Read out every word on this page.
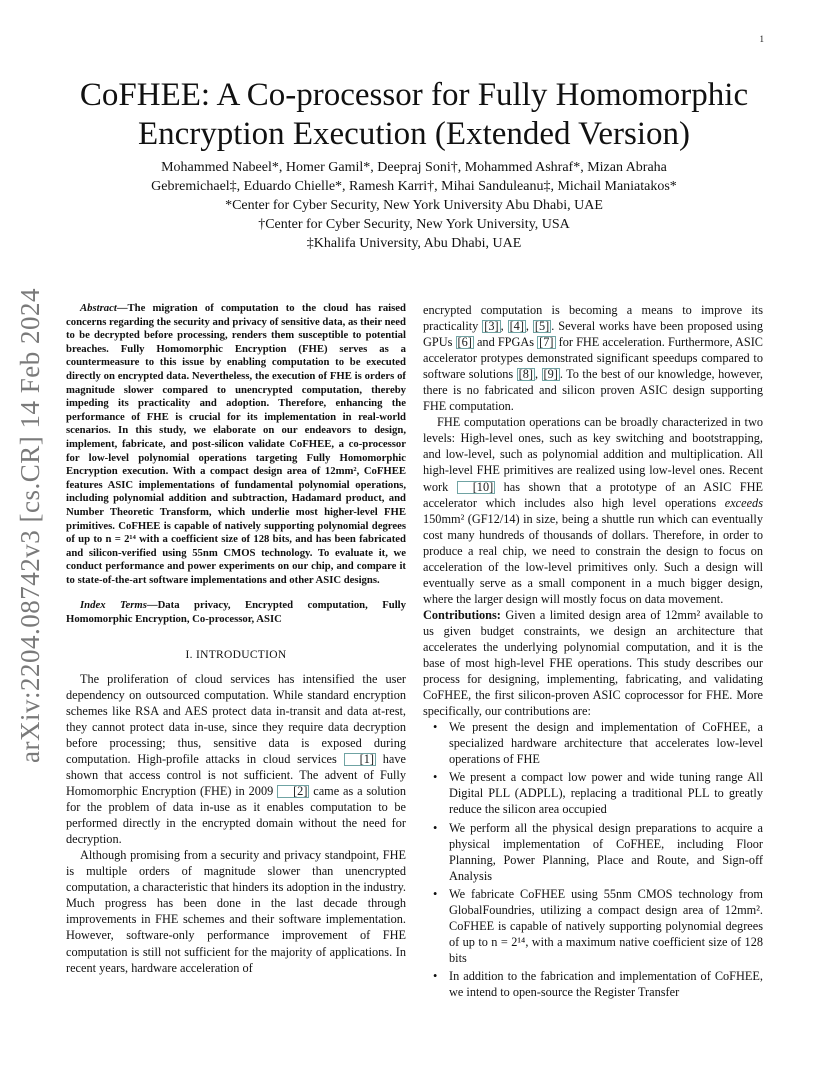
1
arXiv:2204.08742v3 [cs.CR] 14 Feb 2024
CoFHEE: A Co-processor for Fully Homomorphic Encryption Execution (Extended Version)
Mohammed Nabeel*, Homer Gamil*, Deepraj Soni†, Mohammed Ashraf*, Mizan Abraha
Gebremichael‡, Eduardo Chielle*, Ramesh Karri†, Mihai Sanduleanu‡, Michail Maniatakos*
*Center for Cyber Security, New York University Abu Dhabi, UAE
†Center for Cyber Security, New York University, USA
‡Khalifa University, Abu Dhabi, UAE

Abstract—The migration of computation to the cloud has raised concerns regarding the security and privacy of sensitive data, as their need to be decrypted before processing, renders them susceptible to potential breaches. Fully Homomorphic Encryption (FHE) serves as a countermeasure to this issue by enabling computation to be executed directly on encrypted data. Nevertheless, the execution of FHE is orders of magnitude slower compared to unencrypted computation, thereby impeding its practicality and adoption. Therefore, enhancing the performance of FHE is crucial for its implementation in real-world scenarios. In this study, we elaborate on our endeavors to design, implement, fabricate, and post-silicon validate CoFHEE, a co-processor for low-level polynomial operations targeting Fully Homomorphic Encryption execution. With a compact design area of 12mm², CoFHEE features ASIC implementations of fundamental polynomial operations, including polynomial addition and subtraction, Hadamard product, and Number Theoretic Transform, which underlie most higher-level FHE primitives. CoFHEE is capable of natively supporting polynomial degrees of up to n = 2¹⁴ with a coefficient size of 128 bits, and has been fabricated and silicon-verified using 55nm CMOS technology. To evaluate it, we conduct performance and power experiments on our chip, and compare it to state-of-the-art software implementations and other ASIC designs.

Index Terms—Data privacy, Encrypted computation, Fully Homomorphic Encryption, Co-processor, ASIC

I. INTRODUCTION

The proliferation of cloud services has intensified the user dependency on outsourced computation. While standard encryption schemes like RSA and AES protect data in-transit and data at-rest, they cannot protect data in-use, since they require data decryption before processing; thus, sensitive data is exposed during computation. High-profile attacks in cloud services [1] have shown that access control is not sufficient. The advent of Fully Homomorphic Encryption (FHE) in 2009 [2] came as a solution for the problem of data in-use as it enables computation to be performed directly in the encrypted domain without the need for decryption.

Although promising from a security and privacy standpoint, FHE is multiple orders of magnitude slower than unencrypted computation, a characteristic that hinders its adoption in the industry. Much progress has been done in the last decade through improvements in FHE schemes and their software implementation. However, software-only performance improvement of FHE computation is still not sufficient for the majority of applications. In recent years, hardware acceleration of

encrypted computation is becoming a means to improve its practicality [3] , [4] , [5] . Several works have been proposed using GPUs [6] and FPGAs [7] for FHE acceleration. Furthermore, ASIC accelerator protypes demonstrated significant speedups compared to software solutions [8] , [9] . To the best of our knowledge, however, there is no fabricated and silicon proven ASIC design supporting FHE computation.

FHE computation operations can be broadly characterized in two levels: High-level ones, such as key switching and bootstrapping, and low-level, such as polynomial addition and multiplication. All high-level FHE primitives are realized using low-level ones. Recent work [10] has shown that a prototype of an ASIC FHE accelerator which includes also high level operations exceeds 150mm² (GF12/14) in size, being a shuttle run which can eventually cost many hundreds of thousands of dollars. Therefore, in order to produce a real chip, we need to constrain the design to focus on acceleration of the low-level primitives only. Such a design will eventually serve as a small component in a much bigger design, where the larger design will mostly focus on data movement.

Contributions: Given a limited design area of 12mm² available to us given budget constraints, we design an architecture that accelerates the underlying polynomial computation, and it is the base of most high-level FHE operations. This study describes our process for designing, implementing, fabricating, and validating CoFHEE, the first silicon-proven ASIC coprocessor for FHE. More specifically, our contributions are:

• We present the design and implementation of CoFHEE, a specialized hardware architecture that accelerates low-level operations of FHE
• We present a compact low power and wide tuning range All Digital PLL (ADPLL), replacing a traditional PLL to greatly reduce the silicon area occupied
• We perform all the physical design preparations to acquire a physical implementation of CoFHEE, including Floor Planning, Power Planning, Place and Route, and Sign-off Analysis
• We fabricate CoFHEE using 55nm CMOS technology from GlobalFoundries, utilizing a compact design area of 12mm². CoFHEE is capable of natively supporting polynomial degrees of up to n = 2¹⁴, with a maximum native coefficient size of 128 bits
• In addition to the fabrication and implementation of CoFHEE, we intend to open-source the Register Transfer
